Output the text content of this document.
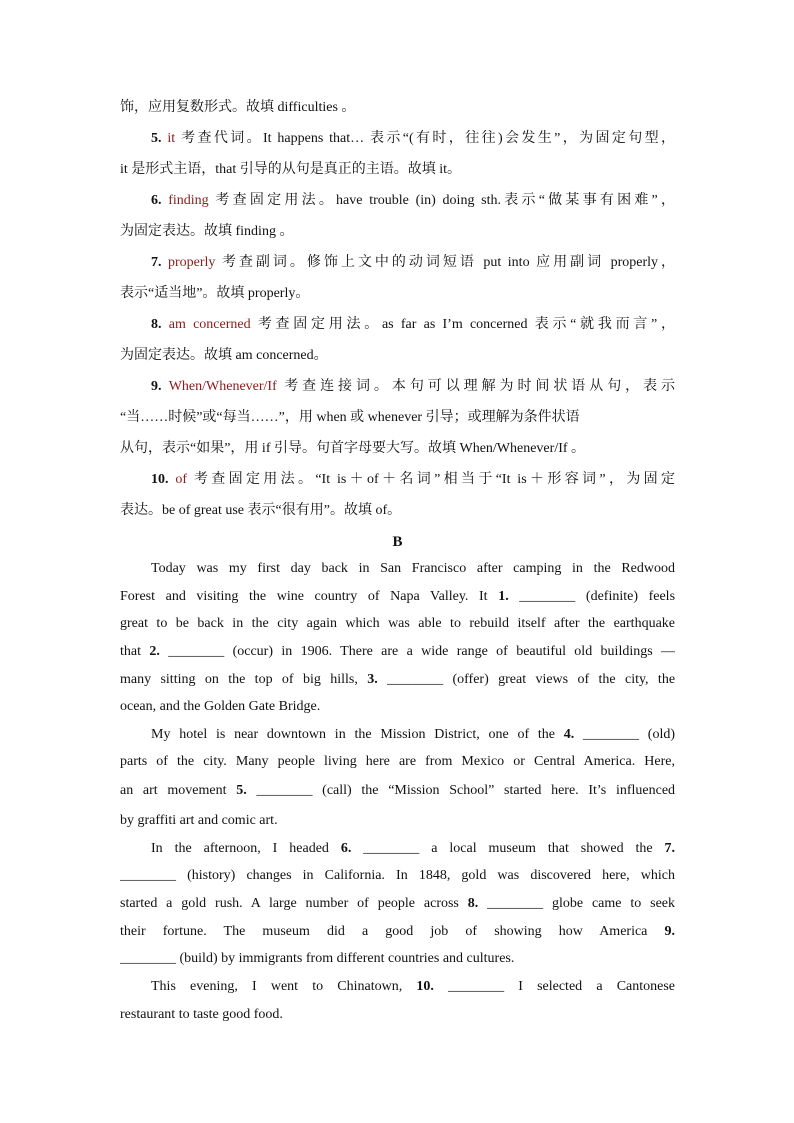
饰，应用复数形式。故填 difficulties 。
5. it 考查代词。It happens that… 表示“(有时，往往)会发生”，为固定句型，
it 是形式主语，that 引导的从句是真正的主语。故填 it。
6. finding 考查固定用法。have trouble (in) doing sth.表示“做某事有困难”，
为固定表达。故填 finding 。
7. properly 考查副词。修饰上文中的动词短语 put into 应用副词 properly，
表示“适当地”。故填 properly。
8. am concerned 考查固定用法。as far as I’m concerned 表示“就我而言”，
为固定表达。故填 am concerned。
9. When/Whenever/If 考查连接词。本句可以理解为时间状语从句，表示
“当……时候”或“每当……”，用 when 或 whenever 引导；或理解为条件状语
从句，表示“如果”，用 if 引导。句首字母要大写。故填 When/Whenever/If 。
10. of 考查固定用法。“It is＋of＋名词”相当于“It is＋形容词”，为固定
表达。be of great use 表示“很有用”。故填 of。
B
Today was my first day back in San Francisco after camping in the Redwood
Forest and visiting the wine country of Napa Valley. It 1. ________ (definite) feels
great to be back in the city again which was able to rebuild itself after the earthquake
that 2. ________ (occur) in 1906. There are a wide range of beautiful old buildings —
many sitting on the top of big hills, 3. ________ (offer) great views of the city, the
ocean, and the Golden Gate Bridge.
My hotel is near downtown in the Mission District, one of the 4. ________ (old)
parts of the city. Many people living here are from Mexico or Central America. Here,
an art movement 5. ________ (call) the “Mission School” started here. It’s influenced
by graffiti art and comic art.
In the afternoon, I headed 6. ________ a local museum that showed the 7.
________ (history) changes in California. In 1848, gold was discovered here, which
started a gold rush. A large number of people across 8. ________ globe came to seek
their fortune. The museum did a good job of showing how America 9.
________ (build) by immigrants from different countries and cultures.
This evening, I went to Chinatown, 10. ________ I selected a Cantonese
restaurant to taste good food.
